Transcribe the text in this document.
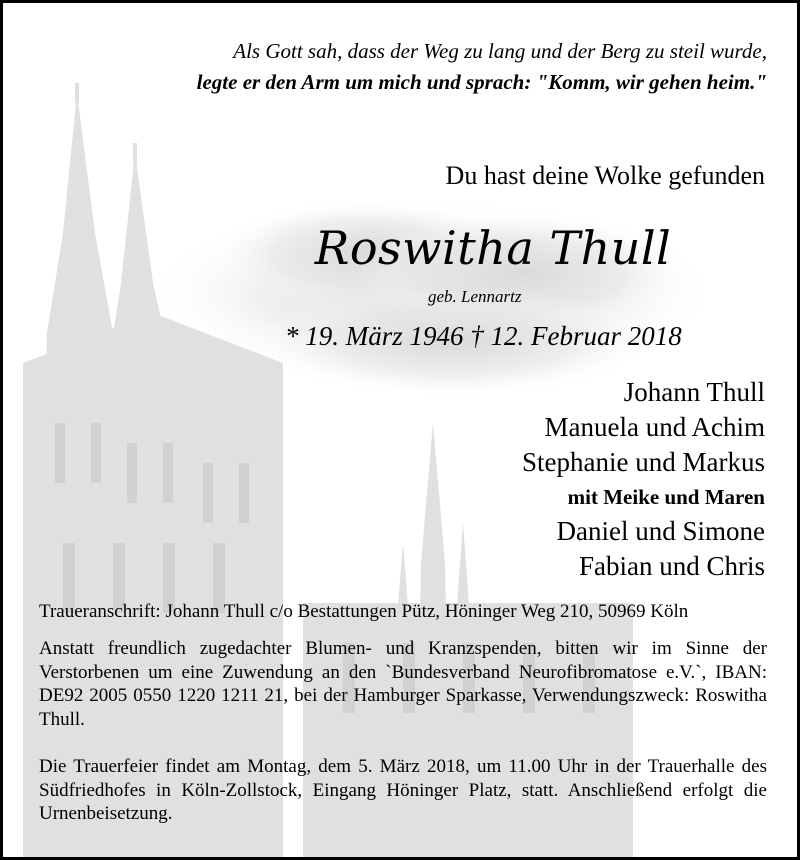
Als Gott sah, dass der Weg zu lang und der Berg zu steil wurde,
legte er den Arm um mich und sprach: "Komm, wir gehen heim."
Du hast deine Wolke gefunden
Roswitha Thull
geb. Lennartz
* 19. März 1946 † 12. Februar 2018
Johann Thull
Manuela und Achim
Stephanie und Markus
mit Meike und Maren
Daniel und Simone
Fabian und Chris
Traueranschrift: Johann Thull c/o Bestattungen Pütz, Höninger Weg 210, 50969 Köln
Anstatt freundlich zugedachter Blumen- und Kranzspenden, bitten wir im Sinne der Verstorbenen um eine Zuwendung an den `Bundesverband Neurofibromatose e.V.`, IBAN: DE92 2005 0550 1220 1211 21, bei der Hamburger Sparkasse, Verwendungszweck: Roswitha Thull.
Die Trauerfeier findet am Montag, dem 5. März 2018, um 11.00 Uhr in der Trauerhalle des Südfriedhofes in Köln-Zollstock, Eingang Höninger Platz, statt. Anschließend erfolgt die Urnenbeisetzung.
